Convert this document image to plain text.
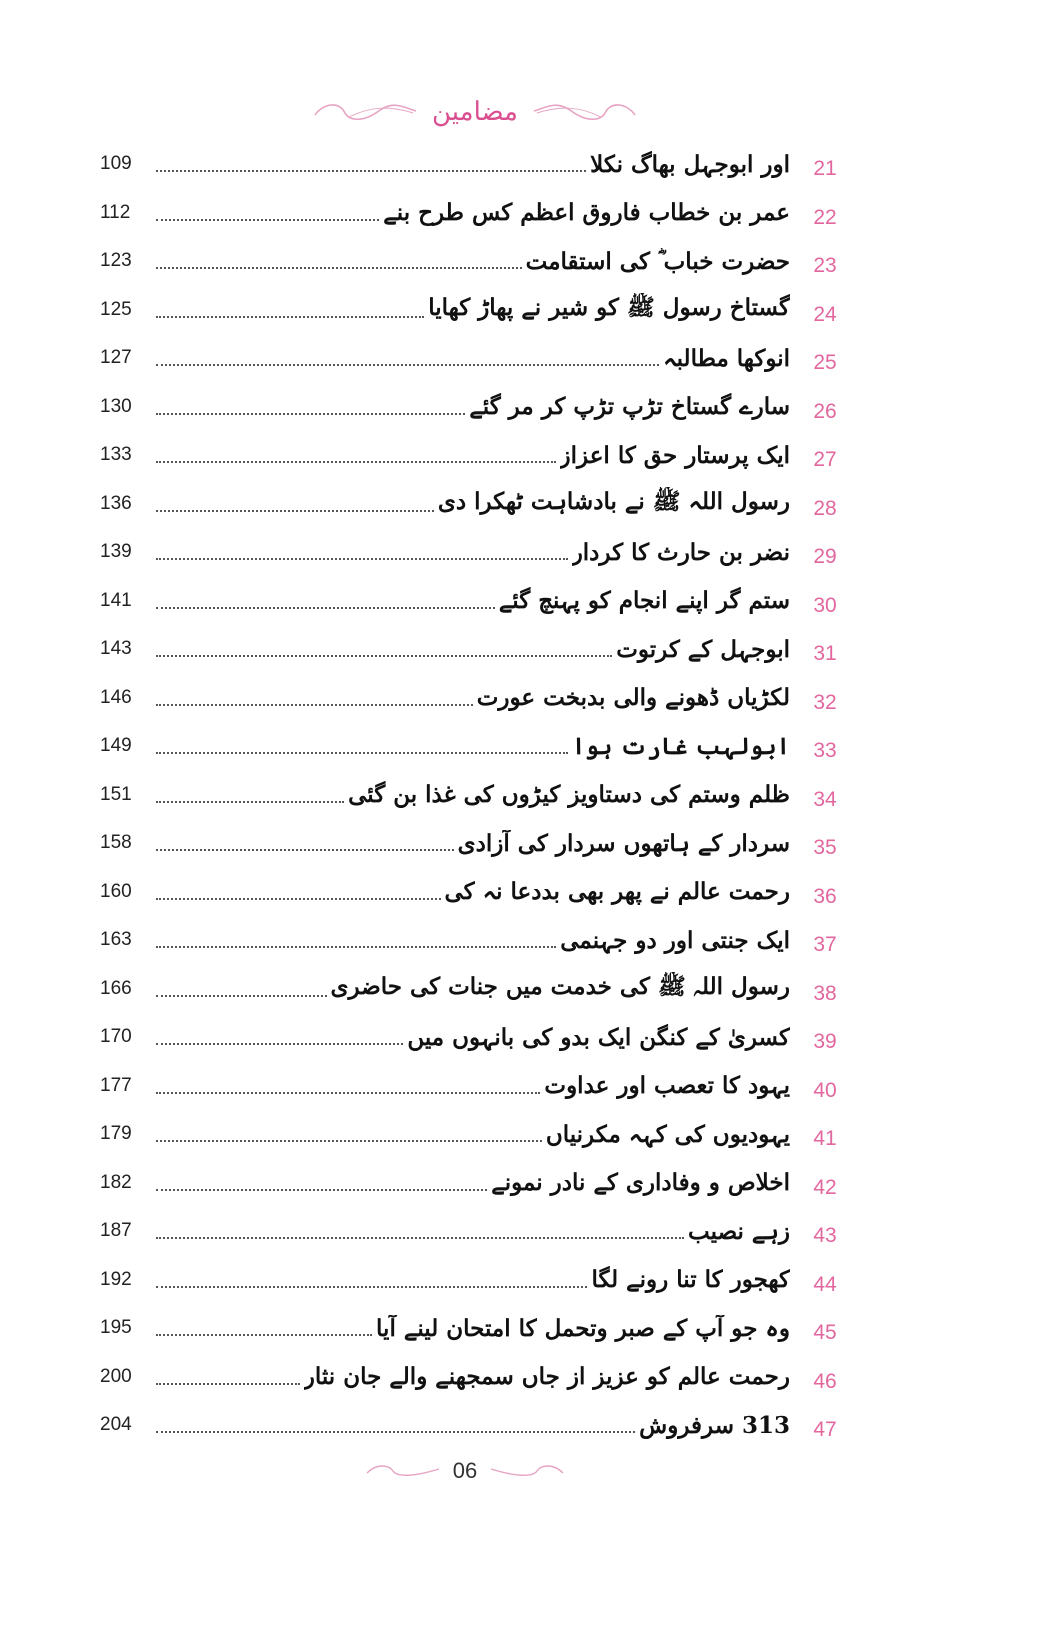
مضامین
109	اور ابوجہل بھاگ نکلا	21
112	عمر بن خطاب فاروق اعظم کس طرح بنے	22
123	حضرت خباب ؓ کی استقامت	23
125	گستاخ رسول ﷺ کو شیر نے پھاڑ کھایا	24
127	انوکھا مطالبہ	25
130	سارے گستاخ تڑپ تڑپ کر مر گئے	26
133	ایک پرستار حق کا اعزاز	27
136	رسول اللہ ﷺ نے بادشاہت ٹھکرا دی	28
139	نضر بن حارث کا کردار	29
141	ستم گر اپنے انجام کو پہنچ گئے	30
143	ابوجہل کے کرتوت	31
146	لکڑیاں ڈھونے والی بدبخت عورت	32
149	ابولہب غارت ہوا	33
151	ظلم وستم کی دستاویز کیڑوں کی غذا بن گئی	34
158	سردار کے ہاتھوں سردار کی آزادی	35
160	رحمت عالم نے پھر بھی بددعا نہ کی	36
163	ایک جنتی اور دو جہنمی	37
166	رسول اللہ ﷺ کی خدمت میں جنات کی حاضری	38
170	کسریٰ کے کنگن ایک بدو کی بانہوں میں	39
177	یہود کا تعصب اور عداوت	40
179	یہودیوں کی کہہ مکرنیاں	41
182	اخلاص و وفاداری کے نادر نمونے	42
187	زہے نصیب	43
192	کھجور کا تنا رونے لگا	44
195	وہ جو آپ کے صبر وتحمل کا امتحان لینے آیا	45
200	رحمت عالم کو عزیز از جاں سمجھنے والے جان نثار	46
204	313 سرفروش	47
06
